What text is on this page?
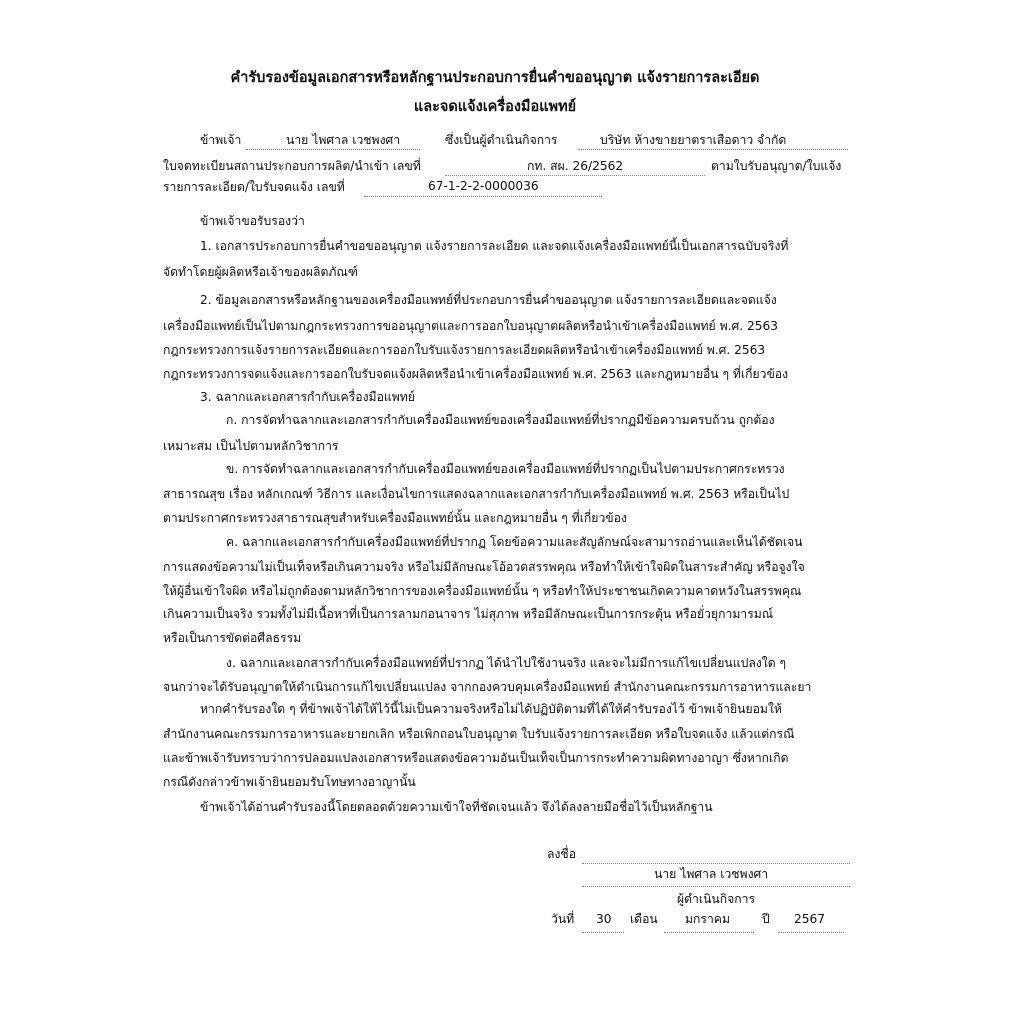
คำรับรองข้อมูลเอกสารหรือหลักฐานประกอบการยื่นคำขออนุญาต แจ้งรายการละเอียด
และจดแจ้งเครื่องมือแพทย์
ข้าพเจ้า	นาย ไพศาล เวชพงศา	ซึ่งเป็นผู้ดำเนินกิจการ	บริษัท ห้างขายยาตราเสือดาว จำกัด
ใบจดทะเบียนสถานประกอบการผลิต/นำเข้า เลขที่	กท. สผ. 26/2562	ตามใบรับอนุญาต/ใบแจ้ง
รายการละเอียด/ใบรับจดแจ้ง เลขที่	67-1-2-2-0000036
ข้าพเจ้าขอรับรองว่า
1. เอกสารประกอบการยื่นคำขอขออนุญาต แจ้งรายการละเอียด และจดแจ้งเครื่องมือแพทย์นี้เป็นเอกสารฉบับจริงที่
จัดทำโดยผู้ผลิตหรือเจ้าของผลิตภัณฑ์
2. ข้อมูลเอกสารหรือหลักฐานของเครื่องมือแพทย์ที่ประกอบการยื่นคำขออนุญาต แจ้งรายการละเอียดและจดแจ้ง
เครื่องมือแพทย์เป็นไปตามกฎกระทรวงการขออนุญาตและการออกใบอนุญาตผลิตหรือนำเข้าเครื่องมือแพทย์ พ.ศ. 2563
กฎกระทรวงการแจ้งรายการละเอียดและการออกใบรับแจ้งรายการละเอียดผลิตหรือนำเข้าเครื่องมือแพทย์ พ.ศ. 2563
กฎกระทรวงการจดแจ้งและการออกใบรับจดแจ้งผลิตหรือนำเข้าเครื่องมือแพทย์ พ.ศ. 2563 และกฎหมายอื่น ๆ ที่เกี่ยวข้อง
3. ฉลากและเอกสารกำกับเครื่องมือแพทย์
ก. การจัดทำฉลากและเอกสารกำกับเครื่องมือแพทย์ของเครื่องมือแพทย์ที่ปรากฏมีข้อความครบถ้วน ถูกต้อง
เหมาะสม เป็นไปตามหลักวิชาการ
ข. การจัดทำฉลากและเอกสารกำกับเครื่องมือแพทย์ของเครื่องมือแพทย์ที่ปรากฏเป็นไปตามประกาศกระทรวง
สาธารณสุข เรื่อง หลักเกณฑ์ วิธีการ และเงื่อนไขการแสดงฉลากและเอกสารกำกับเครื่องมือแพทย์ พ.ศ. 2563 หรือเป็นไป
ตามประกาศกระทรวงสาธารณสุขสำหรับเครื่องมือแพทย์นั้น และกฎหมายอื่น ๆ ที่เกี่ยวข้อง
ค. ฉลากและเอกสารกำกับเครื่องมือแพทย์ที่ปรากฏ โดยข้อความและสัญลักษณ์จะสามารถอ่านและเห็นได้ชัดเจน
การแสดงข้อความไม่เป็นเท็จหรือเกินความจริง หรือไม่มีลักษณะโอ้อวดสรรพคุณ หรือทำให้เข้าใจผิดในสาระสำคัญ หรือจูงใจ
ให้ผู้อื่นเข้าใจผิด หรือไม่ถูกต้องตามหลักวิชาการของเครื่องมือแพทย์นั้น ๆ หรือทำให้ประชาชนเกิดความคาดหวังในสรรพคุณ
เกินความเป็นจริง รวมทั้งไม่มีเนื้อหาที่เป็นการลามกอนาจาร ไม่สุภาพ หรือมีลักษณะเป็นการกระตุ้น หรือยั่วยุกามารมณ์
หรือเป็นการขัดต่อศีลธรรม
ง. ฉลากและเอกสารกำกับเครื่องมือแพทย์ที่ปรากฏ ได้นำไปใช้งานจริง และจะไม่มีการแก้ไขเปลี่ยนแปลงใด ๆ
จนกว่าจะได้รับอนุญาตให้ดำเนินการแก้ไขเปลี่ยนแปลง จากกองควบคุมเครื่องมือแพทย์ สำนักงานคณะกรรมการอาหารและยา
หากคำรับรองใด ๆ ที่ข้าพเจ้าได้ให้ไว้นี้ไม่เป็นความจริงหรือไม่ได้ปฏิบัติตามที่ได้ให้คำรับรองไว้ ข้าพเจ้ายินยอมให้
สำนักงานคณะกรรมการอาหารและยายกเลิก หรือเพิกถอนใบอนุญาต ใบรับแจ้งรายการละเอียด หรือใบจดแจ้ง แล้วแต่กรณี
และข้าพเจ้ารับทราบว่าการปลอมแปลงเอกสารหรือแสดงข้อความอันเป็นเท็จเป็นการกระทำความผิดทางอาญา ซึ่งหากเกิด
กรณีดังกล่าวข้าพเจ้ายินยอมรับโทษทางอาญานั้น
ข้าพเจ้าได้อ่านคำรับรองนี้โดยตลอดด้วยความเข้าใจที่ชัดเจนแล้ว จึงได้ลงลายมือชื่อไว้เป็นหลักฐาน
ลงชื่อ
นาย ไพศาล เวชพงศา
ผู้ดำเนินกิจการ
วันที่ 30 เดือน มกราคม	ปี 2567
